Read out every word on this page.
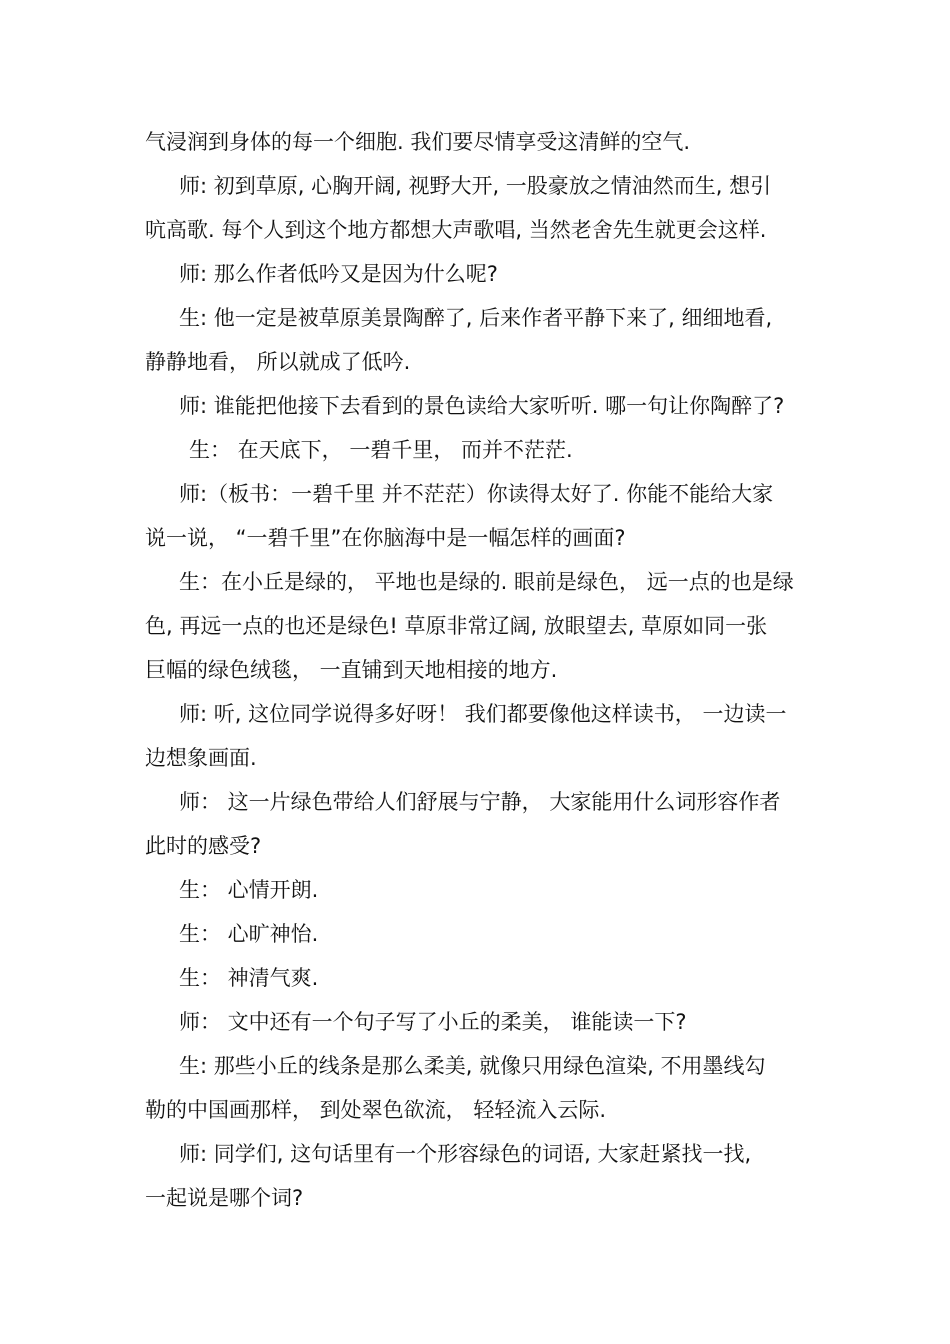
气浸润到身体的每一个细胞. 我们要尽情享受这清鲜的空气.
师: 初到草原, 心胸开阔, 视野大开, 一股豪放之情油然而生, 想引
吭高歌. 每个人到这个地方都想大声歌唱, 当然老舍先生就更会这样.
师: 那么作者低吟又是因为什么呢?
生: 他一定是被草原美景陶醉了, 后来作者平静下来了, 细细地看,
静静地看， 所以就成了低吟.
师: 谁能把他接下去看到的景色读给大家听听. 哪一句让你陶醉了?
生： 在天底下， 一碧千里， 而并不茫茫.
师:（板书：一碧千里 并不茫茫）你读得太好了. 你能不能给大家
说一说， “一碧千里”在你脑海中是一幅怎样的画面?
生：在小丘是绿的， 平地也是绿的. 眼前是绿色， 远一点的也是绿
色, 再远一点的也还是绿色! 草原非常辽阔, 放眼望去, 草原如同一张
巨幅的绿色绒毯， 一直铺到天地相接的地方.
师: 听, 这位同学说得多好呀！ 我们都要像他这样读书， 一边读一
边想象画面.
师： 这一片绿色带给人们舒展与宁静， 大家能用什么词形容作者
此时的感受?
生： 心情开朗.
生： 心旷神怡.
生： 神清气爽.
师： 文中还有一个句子写了小丘的柔美， 谁能读一下?
生: 那些小丘的线条是那么柔美, 就像只用绿色渲染, 不用墨线勾
勒的中国画那样， 到处翠色欲流， 轻轻流入云际.
师: 同学们, 这句话里有一个形容绿色的词语, 大家赶紧找一找,
一起说是哪个词?
